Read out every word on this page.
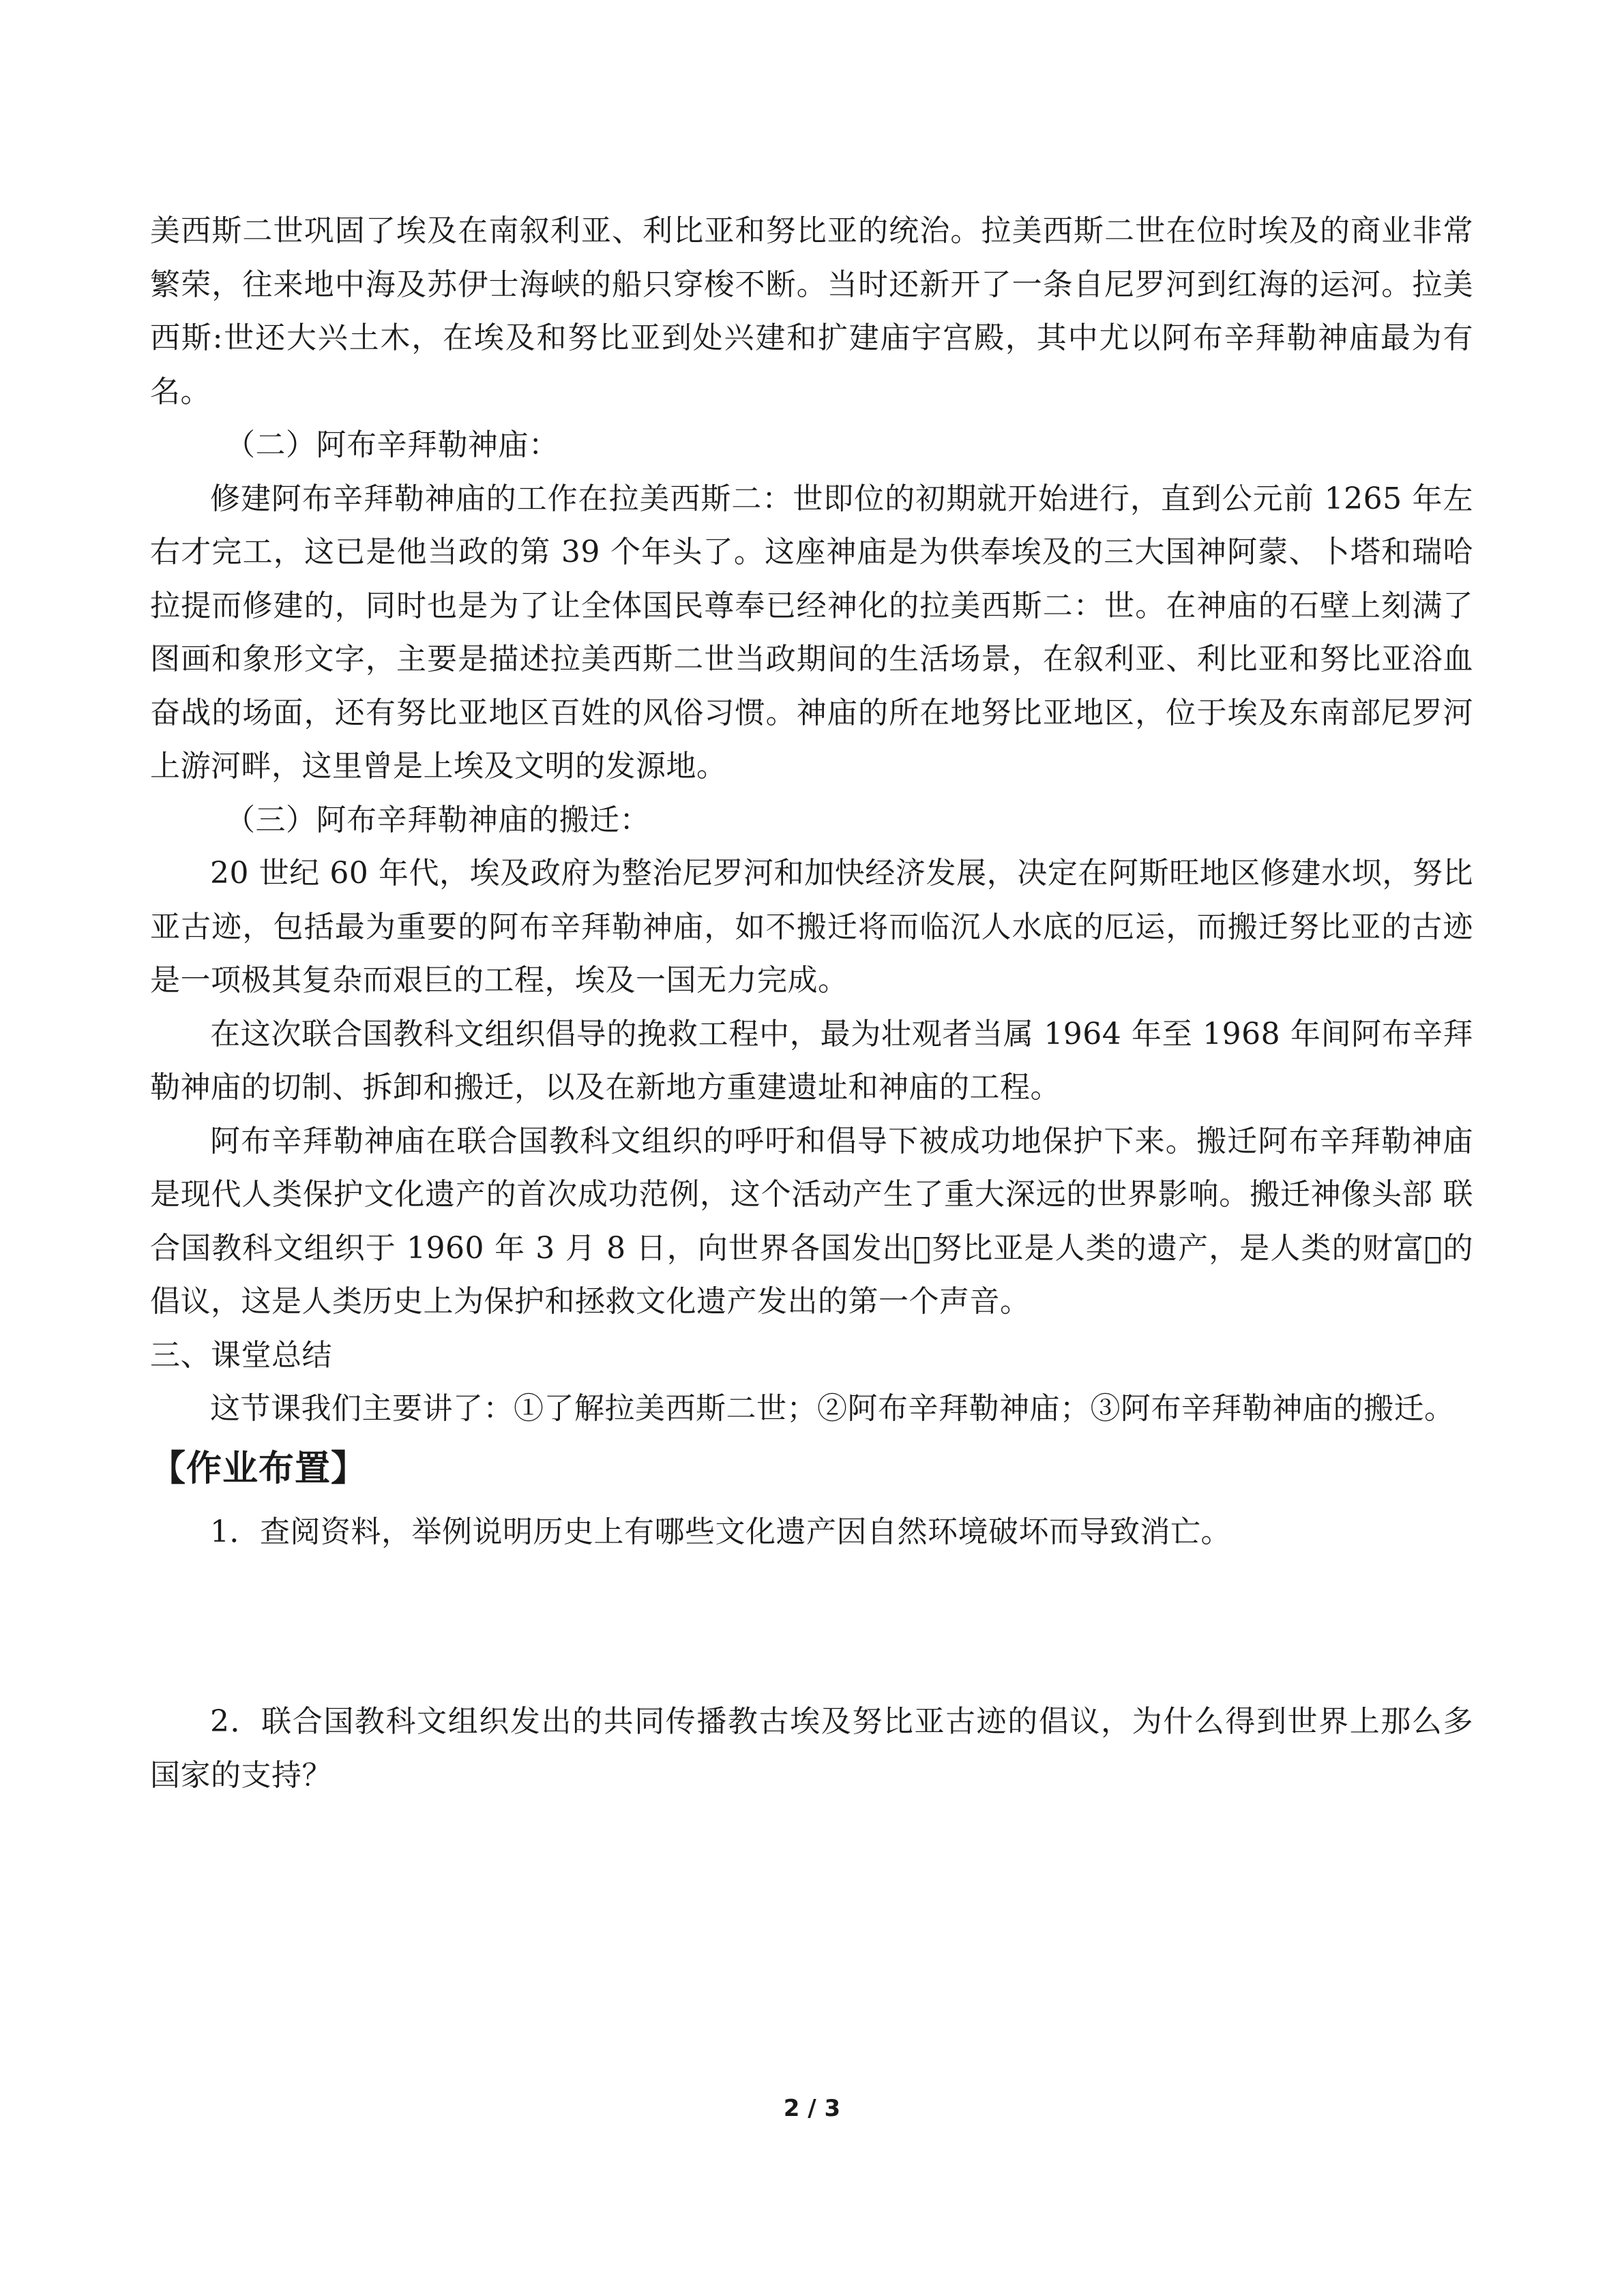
美西斯二世巩固了埃及在南叙利亚、利比亚和努比亚的统治。拉美西斯二世在位时埃及的商业非常繁荣，往来地中海及苏伊士海峡的船只穿梭不断。当时还新开了一条自尼罗河到红海的运河。拉美西斯:世还大兴土木，在埃及和努比亚到处兴建和扩建庙宇宫殿，其中尤以阿布辛拜勒神庙最为有名。

（二）阿布辛拜勒神庙：

修建阿布辛拜勒神庙的工作在拉美西斯二：世即位的初期就开始进行，直到公元前 1265 年左右才完工，这已是他当政的第 39 个年头了。这座神庙是为供奉埃及的三大国神阿蒙、卜塔和瑞哈拉提而修建的，同时也是为了让全体国民尊奉已经神化的拉美西斯二：世。在神庙的石壁上刻满了图画和象形文字，主要是描述拉美西斯二世当政期间的生活场景，在叙利亚、利比亚和努比亚浴血奋战的场面，还有努比亚地区百姓的风俗习惯。神庙的所在地努比亚地区，位于埃及东南部尼罗河上游河畔，这里曾是上埃及文明的发源地。

（三）阿布辛拜勒神庙的搬迁：

20 世纪 60 年代，埃及政府为整治尼罗河和加快经济发展，决定在阿斯旺地区修建水坝，努比亚古迹，包括最为重要的阿布辛拜勒神庙，如不搬迁将而临沉人水底的厄运，而搬迁努比亚的古迹是一项极其复杂而艰巨的工程，埃及一国无力完成。

在这次联合国教科文组织倡导的挽救工程中，最为壮观者当属 1964 年至 1968 年间阿布辛拜勒神庙的切制、拆卸和搬迁，以及在新地方重建遗址和神庙的工程。

阿布辛拜勒神庙在联合国教科文组织的呼吁和倡导下被成功地保护下来。搬迁阿布辛拜勒神庙是现代人类保护文化遗产的首次成功范例，这个活动产生了重大深远的世界影响。搬迁神像头部 联合国教科文组织于 1960 年 3 月 8 日，向世界各国发出􀀀努比亚是人类的遗产，是人类的财富􀀀的倡议，这是人类历史上为保护和拯救文化遗产发出的第一个声音。

三、课堂总结

这节课我们主要讲了：①了解拉美西斯二世；②阿布辛拜勒神庙；③阿布辛拜勒神庙的搬迁。

【作业布置】

1．查阅资料，举例说明历史上有哪些文化遗产因自然环境破坏而导致消亡。

2．联合国教科文组织发出的共同传播教古埃及努比亚古迹的倡议，为什么得到世界上那么多国家的支持？

2 / 3
